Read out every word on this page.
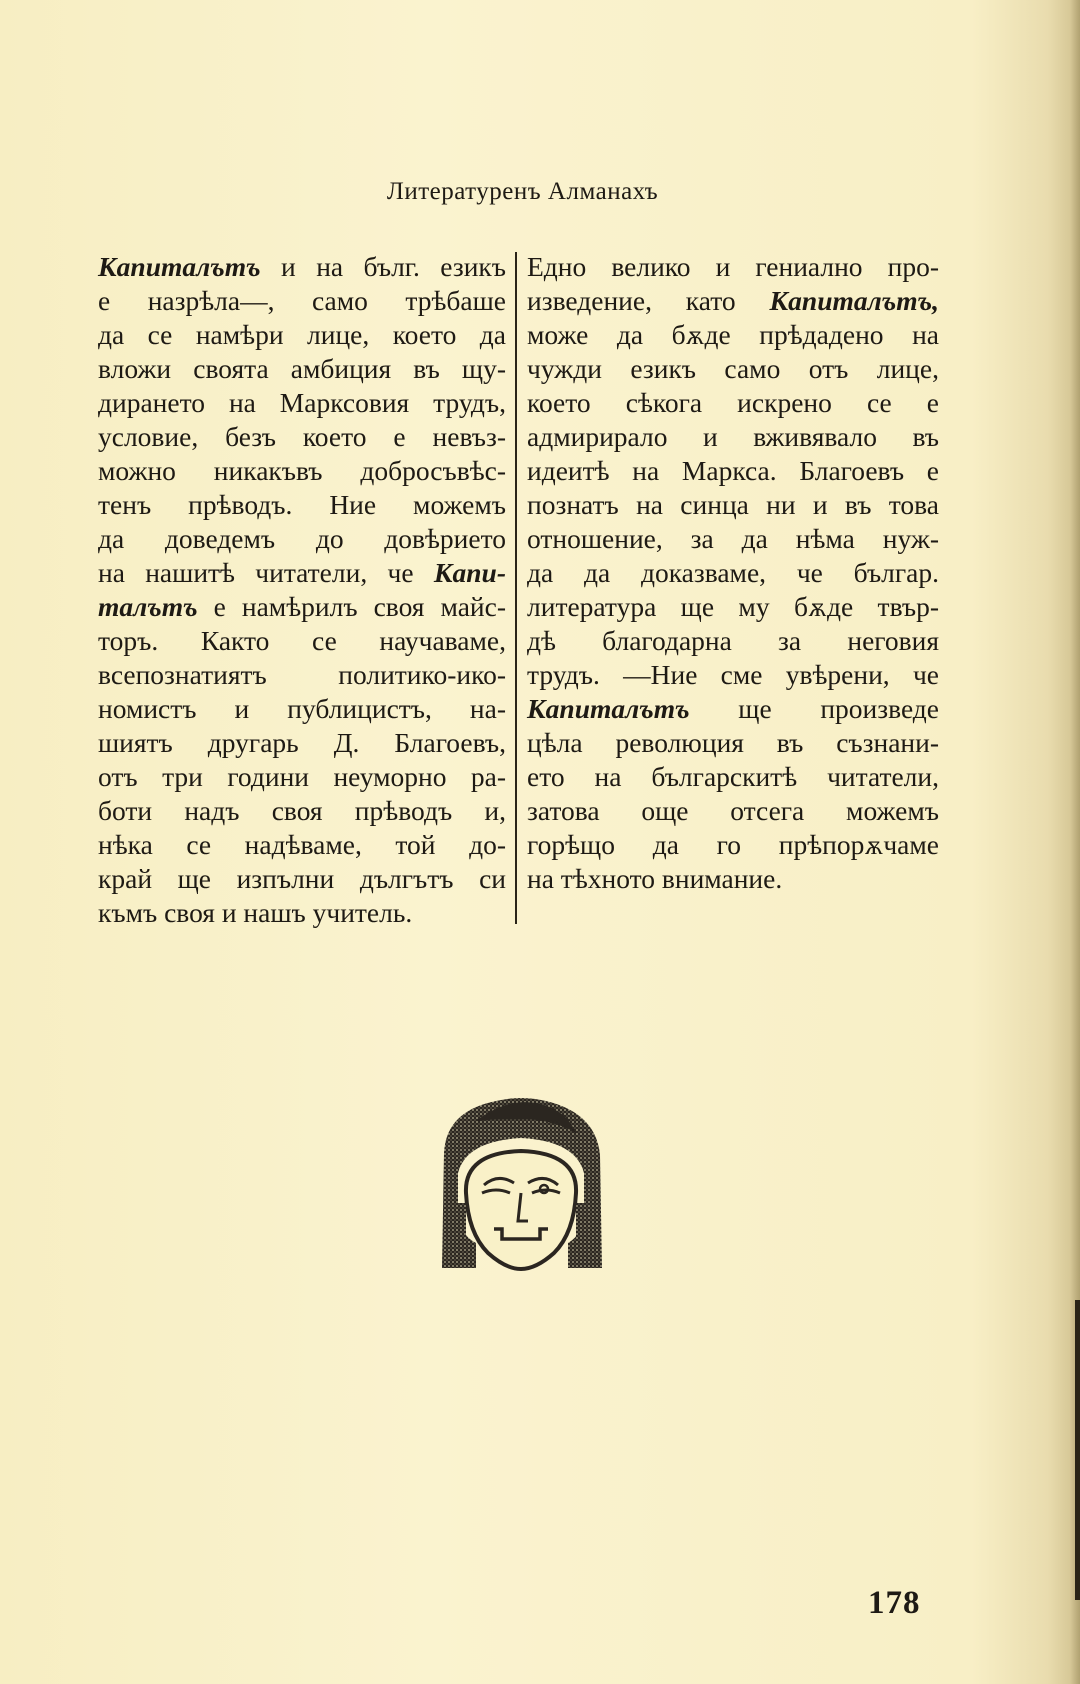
Литературенъ Алманахъ
Капиталътъ и на бълг. езикъ
е назрѣла—, само трѣбаше
да се намѣри лице, което да
вложи своята амбиция въ щу-
дирането на Марксовия трудъ,
условие, безъ което е невъз-
можно никакъвъ добросъвѣс-
тенъ прѣводъ. Ние можемъ
да доведемъ до довѣрието
на нашитѣ читатели, че Капи-
талътъ е намѣрилъ своя майс-
торъ. Както се научаваме,
всепознатиятъ политико-ико-
номистъ и публицистъ, на-
шиятъ другарь Д. Благоевъ,
отъ три години неуморно ра-
боти надъ своя прѣводъ и,
нѣка се надѣваме, той до-
край ще изпълни дългътъ си
къмъ своя и нашъ учитель.
Едно велико и гениално про-
изведение, като Капиталътъ,
може да бѫде прѣдадено на
чужди езикъ само отъ лице,
което сѣкога искрено се е
адмирирало и вживявало въ
идеитѣ на Маркса. Благоевъ е
познатъ на синца ни и въ това
отношение, за да нѣма нуж-
да да доказваме, че българ.
литература ще му бѫде твър-
дѣ благодарна за неговия
трудъ. —Ние сме увѣрени, че
Капиталътъ ще произведе
цѣла революция въ съзнани-
ето на българскитѣ читатели,
затова още отсега можемъ
горѣщо да го прѣпорѫчаме
на тѣхното внимание.
178
